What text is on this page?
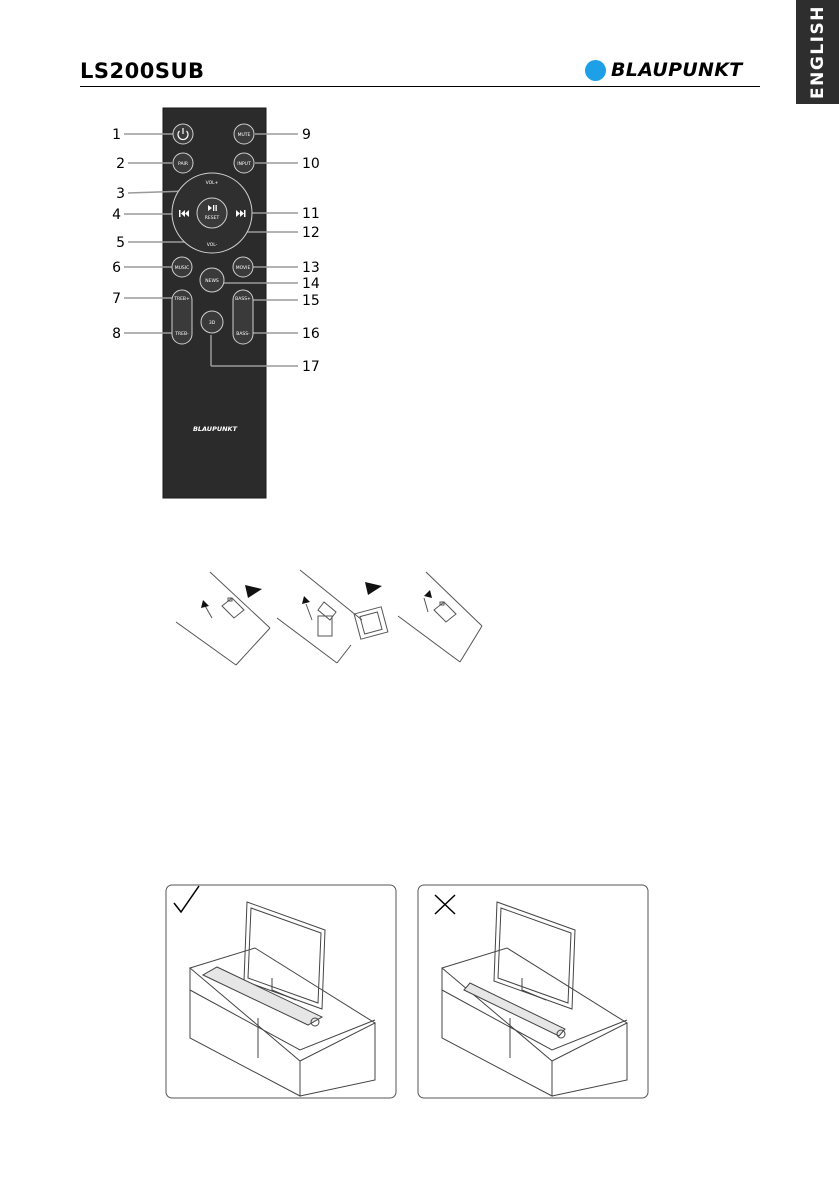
LS200SUB	BLAUPUNKT	ENGLISH
PAIR
MUTE
INPUT
VOL+
VOL-
RESET
MUSIC	MOVIE
NEWS
TREB+
TREB-
BASS+
BASS-
3D
BLAUPUNKT
1
2
3
4
5
6
7
8
9
10
11
12
13
14
15
16
17
